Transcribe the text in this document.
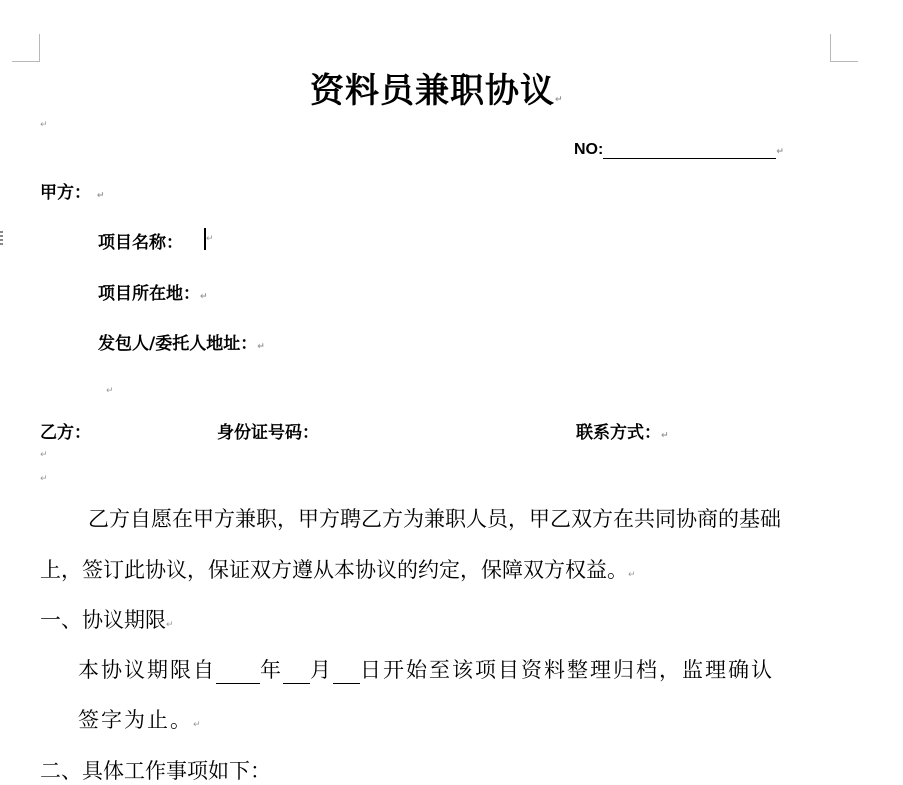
资料员兼职协议↵
↵
NO:	↵
甲方： ↵
项目名称：	↵
项目所在地：↵
发包人/委托人地址：↵
↵
乙方：	身份证号码：	联系方式：↵
↵
↵
乙方自愿在甲方兼职，甲方聘乙方为兼职人员，甲乙双方在共同协商的基础
上，签订此协议，保证双方遵从本协议的约定，保障双方权益。↵
一、协议期限↵
本协议期限自 年 月 日开始至该项目资料整理归档，监理确认
签字为止。↵
二、具体工作事项如下：
